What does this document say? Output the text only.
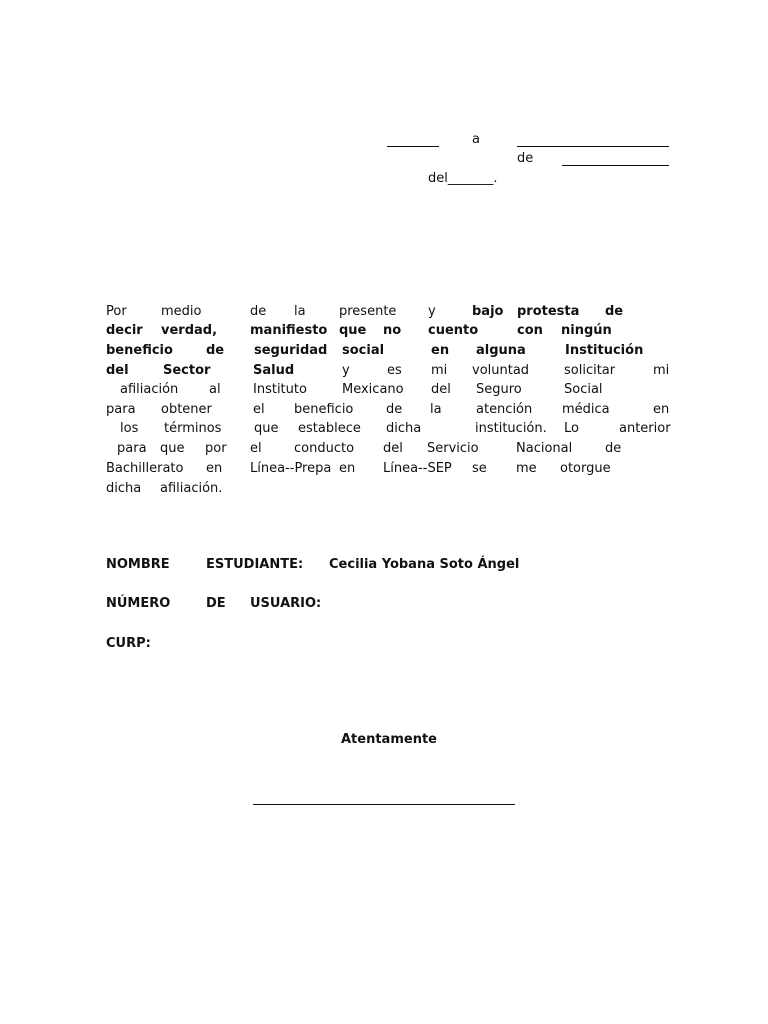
a
de
del_______.
Por	medio	de la	presente y	bajo protesta de
decir verdad,	manifiesto que no cuento	con ningún
beneficio	de seguridad social	en alguna	Institución
del	Sector	Salud	y	es mi voluntad	solicitar	mi
afiliación al Instituto	Mexicano del Seguro	Social
para obtener	el beneficio	de la	atención médica	en
los términos	que establece dicha	institución. Lo	anterior
para que por el conducto del Servicio	Nacional	de
Bachillerato en Línea--Prepa en Línea--SEP se me otorgue
dicha afiliación.
NOMBRE	ESTUDIANTE: Cecilia Yobana Soto Ángel
NÚMERO	DE USUARIO:
CURP:
Atentamente
